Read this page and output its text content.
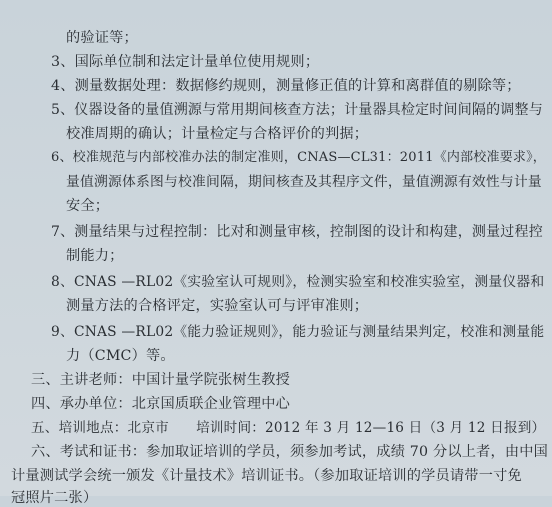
的验证等；
3、国际单位制和法定计量单位使用规则；
4、测量数据处理：数据修约规则，测量修正值的计算和离群值的剔除等；
5、仪器设备的量值溯源与常用期间核查方法；计量器具检定时间间隔的调整与
校准周期的确认；计量检定与合格评价的判据；
6、校准规范与内部校准办法的制定准则，CNAS—CL31：2011《内部校准要求》，
量值溯源体系图与校准间隔，期间核查及其程序文件，量值溯源有效性与计量
安全；
7、测量结果与过程控制：比对和测量审核，控制图的设计和构建，测量过程控
制能力；
8、CNAS —RL02《实验室认可规则》，检测实验室和校准实验室，测量仪器和
测量方法的合格评定，实验室认可与评审准则；
9、CNAS —RL02《能力验证规则》，能力验证与测量结果判定，校准和测量能
力（CMC）等。
三、主讲老师：中国计量学院张树生教授
四、承办单位：北京国质联企业管理中心
五、培训地点：北京市      培训时间：2012 年 3 月 12—16 日（3 月 12 日报到）
六、考试和证书：参加取证培训的学员，须参加考试，成绩 70 分以上者，由中国
计量测试学会统一颁发《计量技术》培训证书。（参加取证培训的学员请带一寸免
冠照片二张）
